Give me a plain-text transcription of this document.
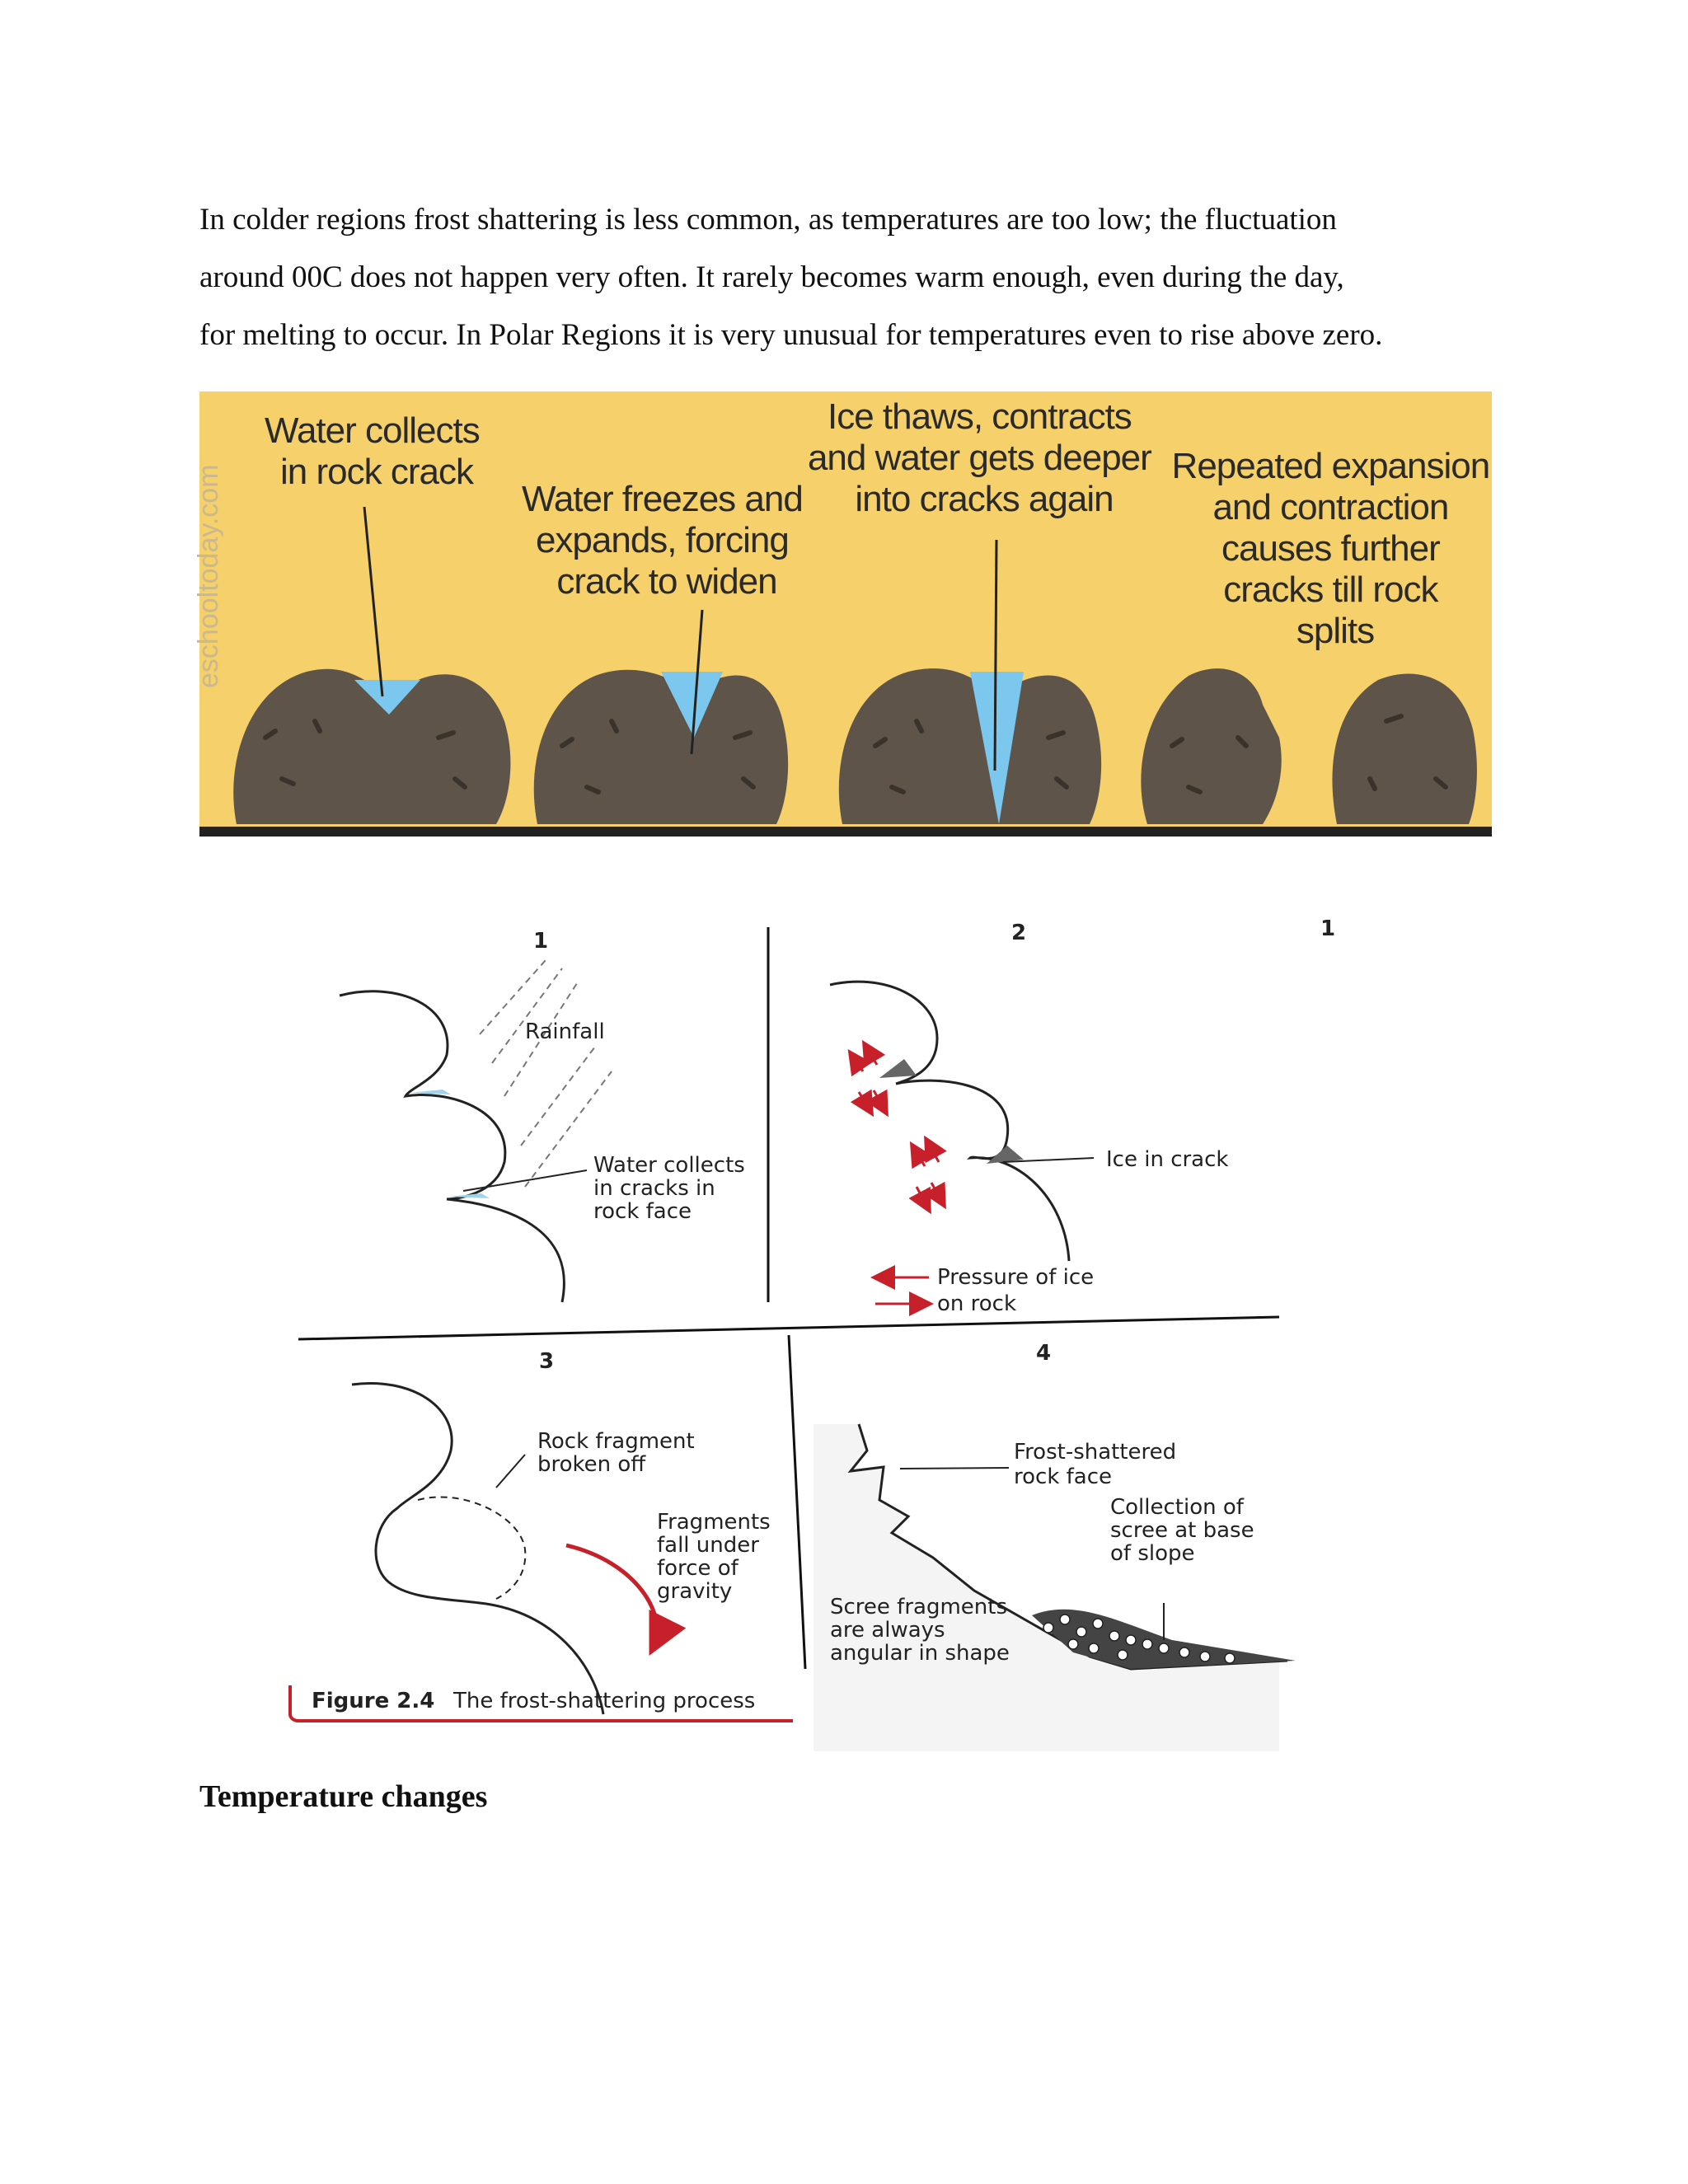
In colder regions frost shattering is less common, as temperatures are too low; the fluctuation
around 00C does not happen very often. It rarely becomes warm enough, even during the day,
for melting to occur. In Polar Regions it is very unusual for temperatures even to rise above zero.
eschooltoday.com
Water collects in rock crack
Water freezes and expands, forcing crack to widen
Ice thaws, contracts and water gets deeper into cracks again
Repeated expansion and contraction causes further cracks till rock splits
1	2
3	4
1
Rainfall
Water collects in cracks in rock face
Ice in crack
Pressure of ice on rock
Rock fragment broken off
Fragments fall under force of gravity
Frost-shattered rock face
Collection of scree at base of slope
Scree fragments are always angular in shape
Figure 2.4 The frost-shattering process
Temperature changes
